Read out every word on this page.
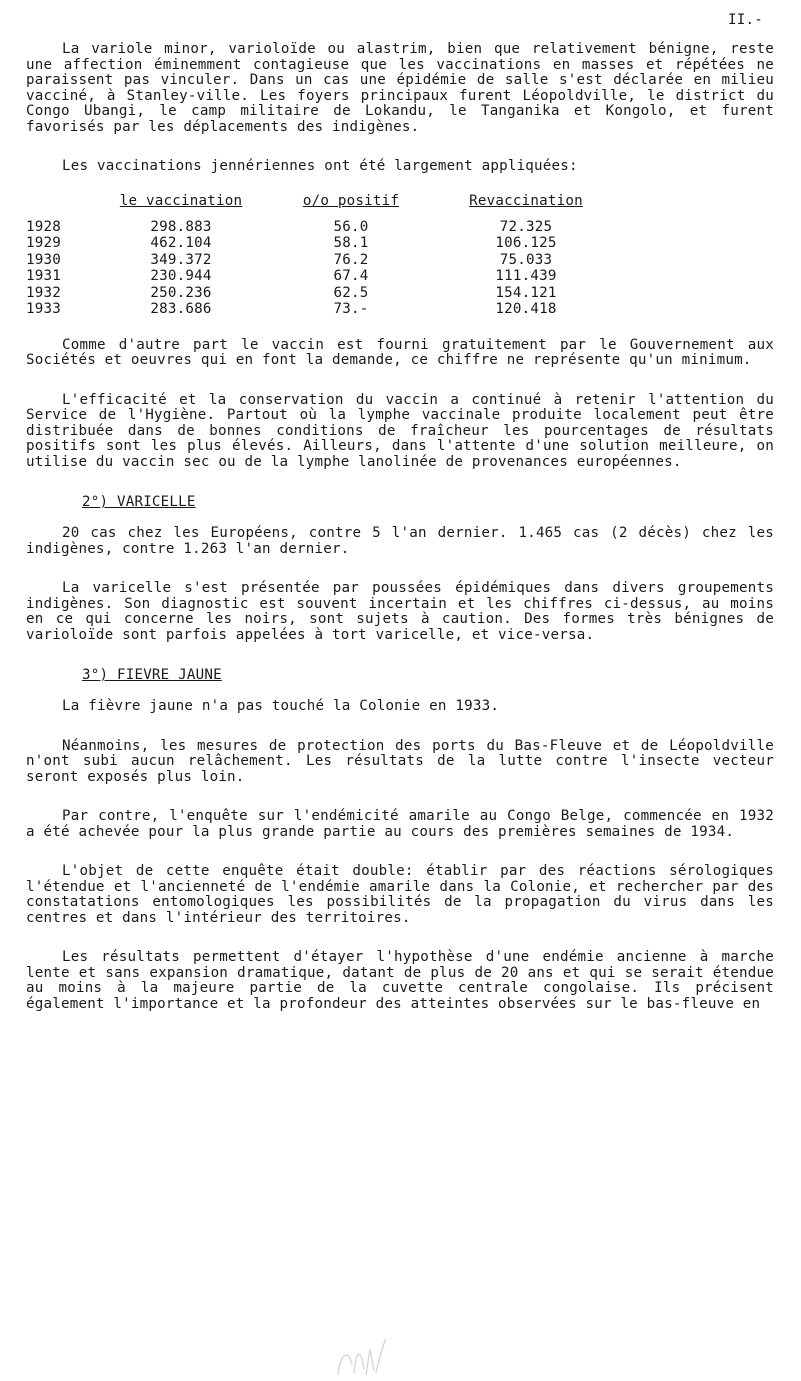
II.-

La variole minor, varioloïde ou alastrim, bien que relativement bénigne, reste une affection éminemment contagieuse que les vaccinations en masses et répétées ne paraissent pas vinculer. Dans un cas une épidémie de salle s'est déclarée en milieu vacciné, à Stanley-ville. Les foyers principaux furent Léopoldville, le district du Congo Ubangi, le camp militaire de Lokandu, le Tanganika et Kongolo, et furent favorisés par les déplacements des indigènes.

Les vaccinations jennériennes ont été largement appliquées:

	le vaccination	o/o positif	Revaccination
1928	298.883	56.0	72.325
1929	462.104	58.1	106.125
1930	349.372	76.2	75.033
1931	230.944	67.4	111.439
1932	250.236	62.5	154.121
1933	283.686	73.-	120.418

Comme d'autre part le vaccin est fourni gratuitement par le Gouvernement aux Sociétés et oeuvres qui en font la demande, ce chiffre ne représente qu'un minimum.

L'efficacité et la conservation du vaccin a continué à retenir l'attention du Service de l'Hygiène. Partout où la lymphe vaccinale produite localement peut être distribuée dans de bonnes conditions de fraîcheur les pourcentages de résultats positifs sont les plus élevés. Ailleurs, dans l'attente d'une solution meilleure, on utilise du vaccin sec ou de la lymphe lanolinée de provenances européennes.

2°) VARICELLE

20 cas chez les Européens, contre 5 l'an dernier. 1.465 cas (2 décès) chez les indigènes, contre 1.263 l'an dernier.

La varicelle s'est présentée par poussées épidémiques dans divers groupements indigènes. Son diagnostic est souvent incertain et les chiffres ci-dessus, au moins en ce qui concerne les noirs, sont sujets à caution. Des formes très bénignes de varioloïde sont parfois appelées à tort varicelle, et vice-versa.

3°) FIEVRE JAUNE

La fièvre jaune n'a pas touché la Colonie en 1933.

Néanmoins, les mesures de protection des ports du Bas-Fleuve et de Léopoldville n'ont subi aucun relâchement. Les résultats de la lutte contre l'insecte vecteur seront exposés plus loin.

Par contre, l'enquête sur l'endémicité amarile au Congo Belge, commencée en 1932 a été achevée pour la plus grande partie au cours des premières semaines de 1934.

L'objet de cette enquête était double: établir par des réactions sérologiques l'étendue et l'ancienneté de l'endémie amarile dans la Colonie, et rechercher par des constatations entomologiques les possibilités de la propagation du virus dans les centres et dans l'intérieur des territoires.

Les résultats permettent d'étayer l'hypothèse d'une endémie ancienne à marche lente et sans expansion dramatique, datant de plus de 20 ans et qui se serait étendue au moins à la majeure partie de la cuvette centrale congolaise. Ils précisent également l'importance et la profondeur des atteintes observées sur le bas-fleuve en
